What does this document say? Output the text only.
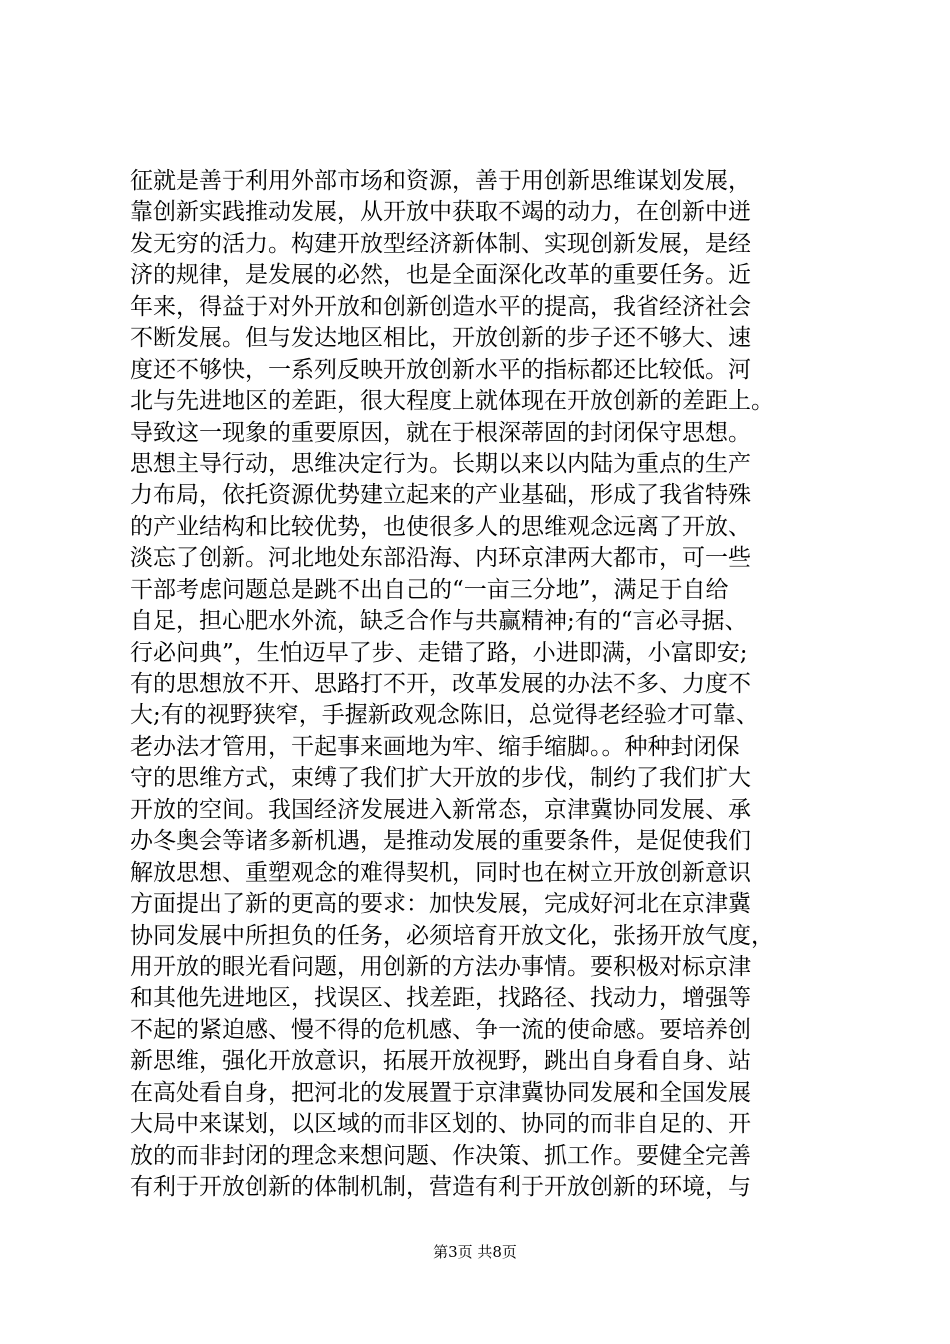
征就是善于利用外部市场和资源，善于用创新思维谋划发展，
靠创新实践推动发展，从开放中获取不竭的动力，在创新中迸
发无穷的活力。构建开放型经济新体制、实现创新发展，是经
济的规律，是发展的必然，也是全面深化改革的重要任务。近
年来，得益于对外开放和创新创造水平的提高，我省经济社会
不断发展。但与发达地区相比，开放创新的步子还不够大、速
度还不够快，一系列反映开放创新水平的指标都还比较低。河
北与先进地区的差距，很大程度上就体现在开放创新的差距上。
导致这一现象的重要原因，就在于根深蒂固的封闭保守思想。
思想主导行动，思维决定行为。长期以来以内陆为重点的生产
力布局，依托资源优势建立起来的产业基础，形成了我省特殊
的产业结构和比较优势，也使很多人的思维观念远离了开放、
淡忘了创新。河北地处东部沿海、内环京津两大都市，可一些
干部考虑问题总是跳不出自己的“一亩三分地”，满足于自给
自足，担心肥水外流，缺乏合作与共赢精神;有的“言必寻据、
行必问典”，生怕迈早了步、走错了路，小进即满，小富即安;
有的思想放不开、思路打不开，改革发展的办法不多、力度不
大;有的视野狭窄，手握新政观念陈旧，总觉得老经验才可靠、
老办法才管用，干起事来画地为牢、缩手缩脚。。种种封闭保
守的思维方式，束缚了我们扩大开放的步伐，制约了我们扩大
开放的空间。我国经济发展进入新常态，京津冀协同发展、承
办冬奥会等诸多新机遇，是推动发展的重要条件，是促使我们
解放思想、重塑观念的难得契机，同时也在树立开放创新意识
方面提出了新的更高的要求：加快发展，完成好河北在京津冀
协同发展中所担负的任务，必须培育开放文化，张扬开放气度，
用开放的眼光看问题，用创新的方法办事情。要积极对标京津
和其他先进地区，找误区、找差距，找路径、找动力，增强等
不起的紧迫感、慢不得的危机感、争一流的使命感。要培养创
新思维，强化开放意识，拓展开放视野，跳出自身看自身、站
在高处看自身，把河北的发展置于京津冀协同发展和全国发展
大局中来谋划，以区域的而非区划的、协同的而非自足的、开
放的而非封闭的理念来想问题、作决策、抓工作。要健全完善
有利于开放创新的体制机制，营造有利于开放创新的环境，与
第3页 共8页
